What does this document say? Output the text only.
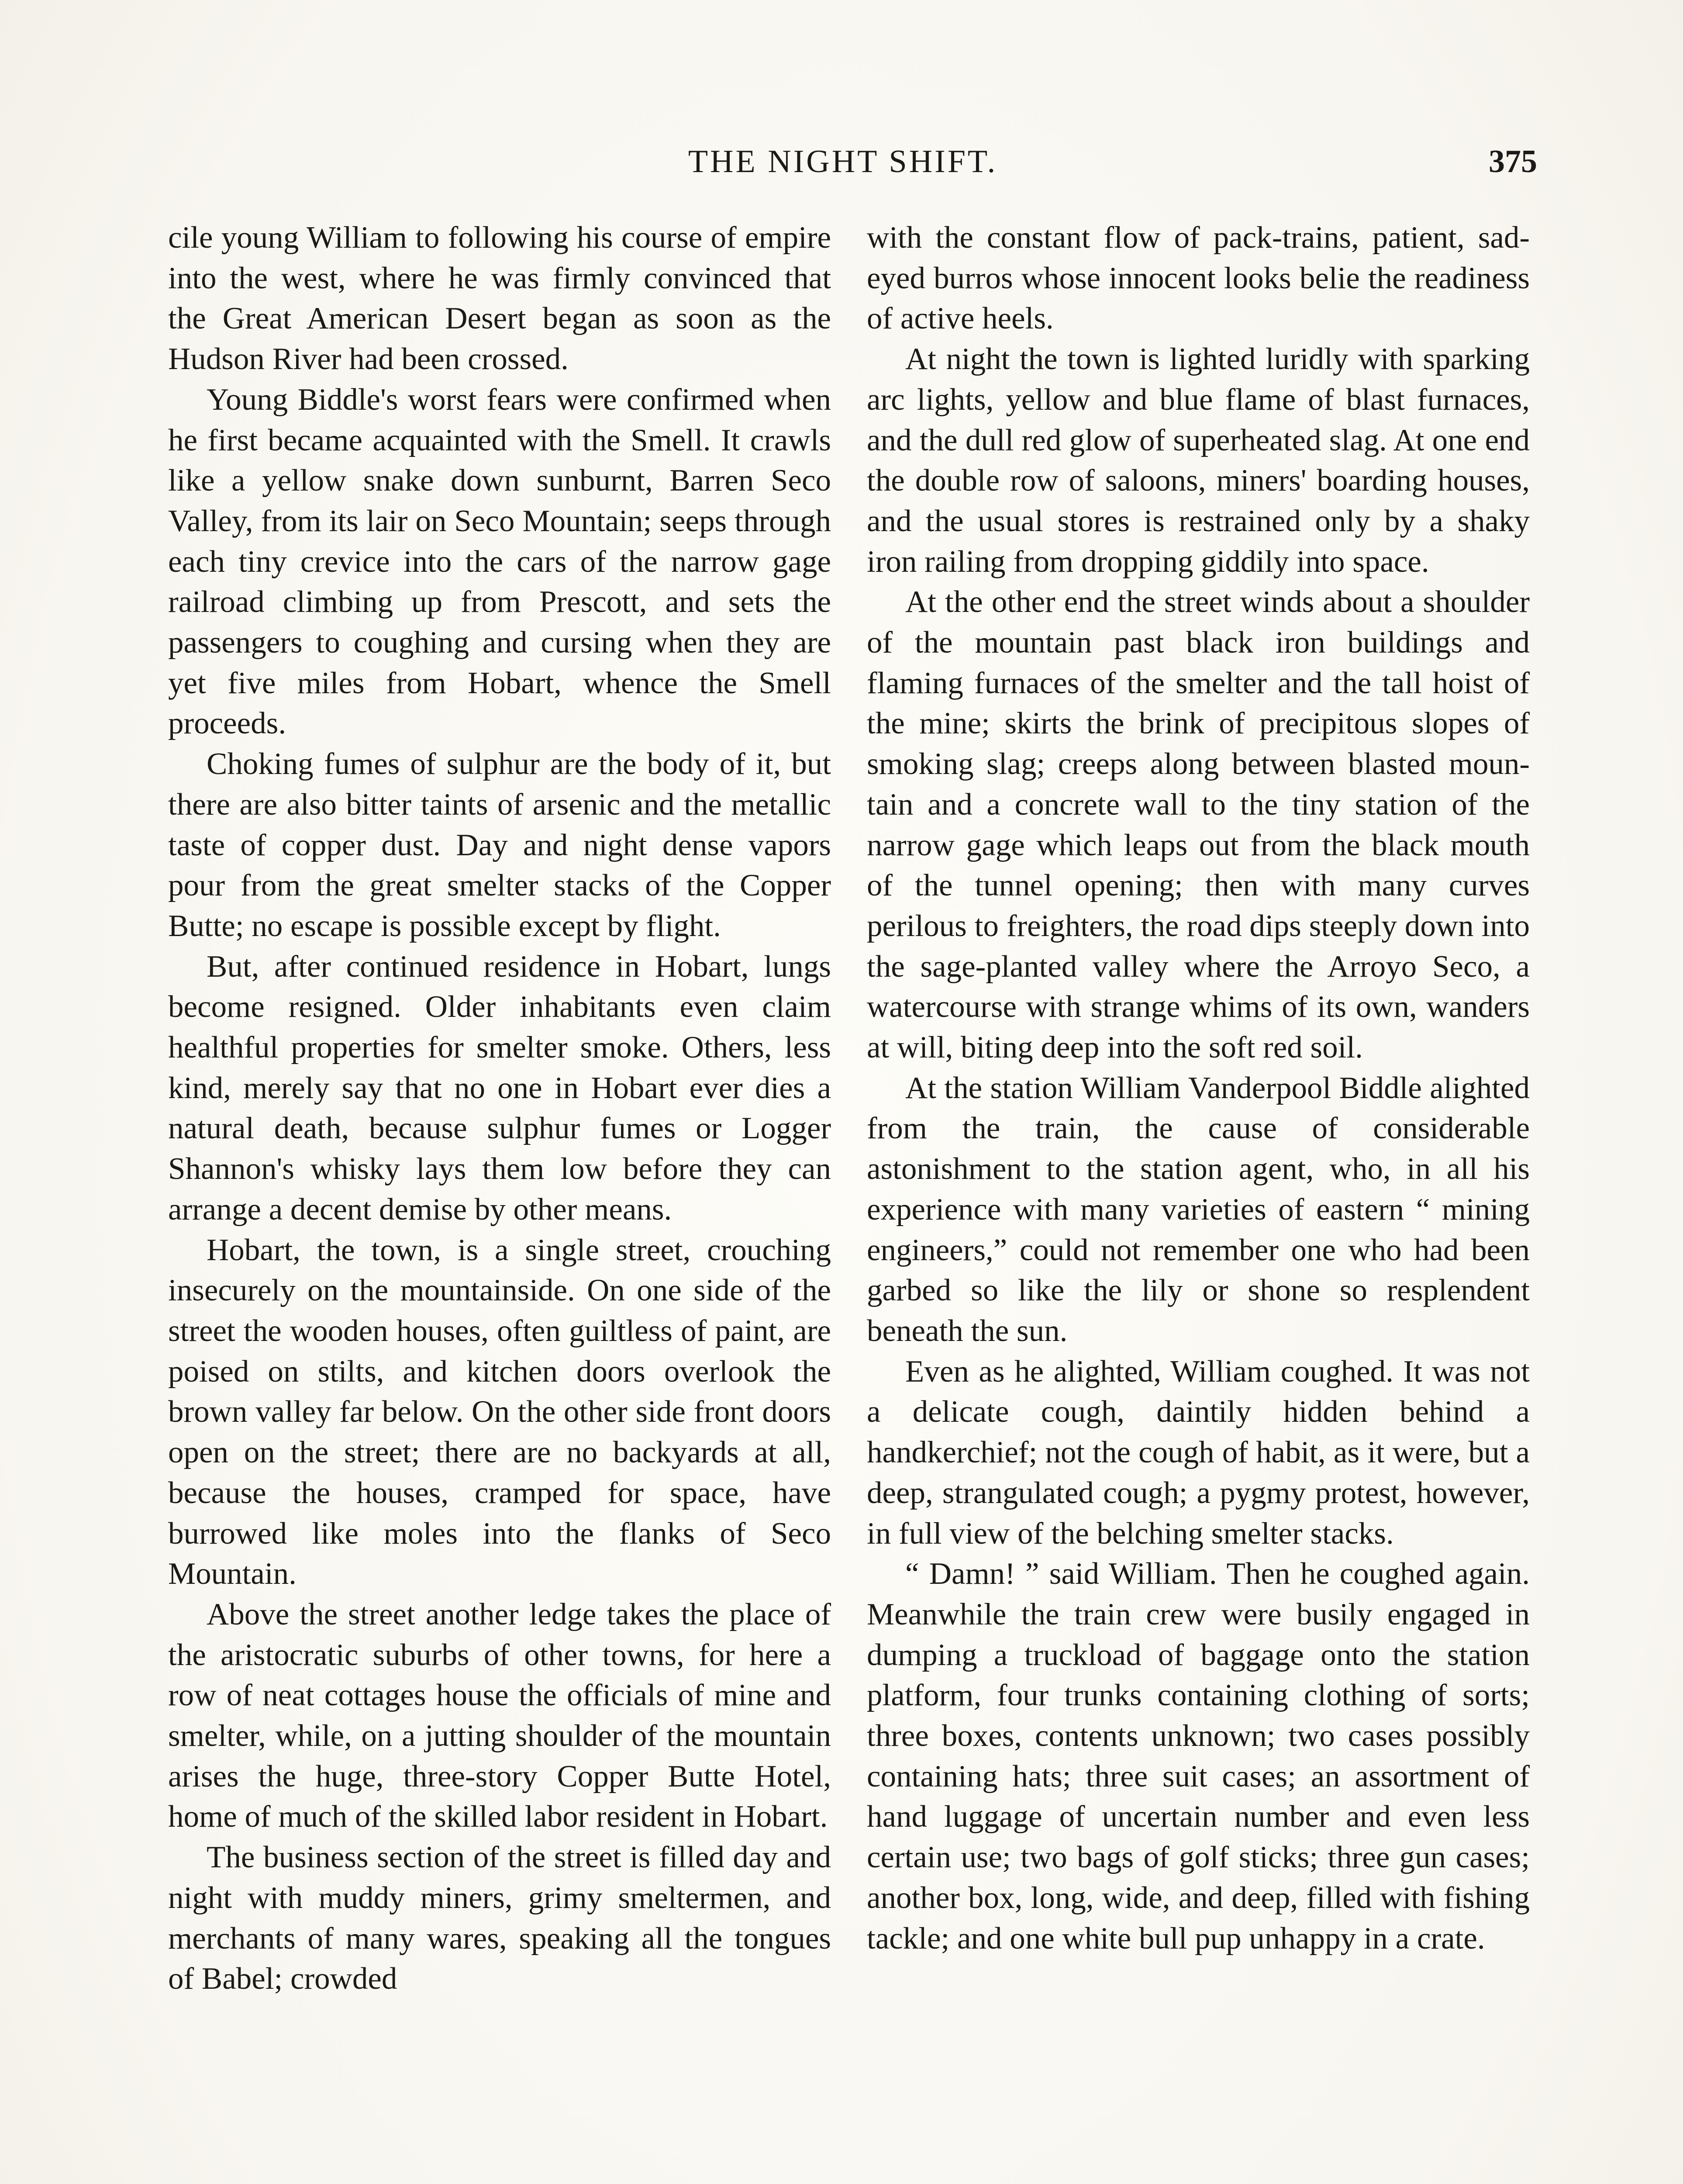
THE NIGHT SHIFT.	375

cile young William to following his course of empire into the west, where he was firmly convinced that the Great American Desert began as soon as the Hudson River had been crossed.

Young Biddle's worst fears were confirmed when he first became acquainted with the Smell. It crawls like a yellow snake down sunburnt, Barren Seco Valley, from its lair on Seco Mountain; seeps through each tiny crevice into the cars of the narrow gage railroad climbing up from Prescott, and sets the passengers to coughing and cursing when they are yet five miles from Hobart, whence the Smell proceeds.

Choking fumes of sulphur are the body of it, but there are also bitter taints of arsenic and the metallic taste of copper dust. Day and night dense vapors pour from the great smelter stacks of the Copper Butte; no escape is possible except by flight.

But, after continued residence in Hobart, lungs become resigned. Older inhabitants even claim healthful properties for smelter smoke. Others, less kind, merely say that no one in Hobart ever dies a natural death, because sulphur fumes or Logger Shannon's whisky lays them low before they can arrange a decent demise by other means.

Hobart, the town, is a single street, crouching insecurely on the mountainside. On one side of the street the wooden houses, often guiltless of paint, are poised on stilts, and kitchen doors overlook the brown valley far below. On the other side front doors open on the street; there are no backyards at all, because the houses, cramped for space, have burrowed like moles into the flanks of Seco Mountain.

Above the street another ledge takes the place of the aristocratic suburbs of other towns, for here a row of neat cottages house the officials of mine and smelter, while, on a jutting shoulder of the mountain arises the huge, three-story Copper Butte Hotel, home of much of the skilled labor resident in Hobart.

The business section of the street is filled day and night with muddy miners, grimy smeltermen, and merchants of many wares, speaking all the tongues of Babel; crowded

with the constant flow of pack-trains, patient, sad-eyed burros whose innocent looks belie the readiness of active heels.

At night the town is lighted luridly with sparking arc lights, yellow and blue flame of blast furnaces, and the dull red glow of superheated slag. At one end the double row of saloons, miners' boarding houses, and the usual stores is restrained only by a shaky iron railing from dropping giddily into space.

At the other end the street winds about a shoulder of the mountain past black iron buildings and flaming furnaces of the smelter and the tall hoist of the mine; skirts the brink of precipitous slopes of smoking slag; creeps along between blasted mountain and a concrete wall to the tiny station of the narrow gage which leaps out from the black mouth of the tunnel opening; then with many curves perilous to freighters, the road dips steeply down into the sage-planted valley where the Arroyo Seco, a watercourse with strange whims of its own, wanders at will, biting deep into the soft red soil.

At the station William Vanderpool Biddle alighted from the train, the cause of considerable astonishment to the station agent, who, in all his experience with many varieties of eastern “ mining engineers,” could not remember one who had been garbed so like the lily or shone so resplendent beneath the sun.

Even as he alighted, William coughed. It was not a delicate cough, daintily hidden behind a handkerchief; not the cough of habit, as it were, but a deep, strangulated cough; a pygmy protest, however, in full view of the belching smelter stacks.

“ Damn! ” said William. Then he coughed again. Meanwhile the train crew were busily engaged in dumping a truckload of baggage onto the station platform, four trunks containing clothing of sorts; three boxes, contents unknown; two cases possibly containing hats; three suit cases; an assortment of hand luggage of uncertain number and even less certain use; two bags of golf sticks; three gun cases; another box, long, wide, and deep, filled with fishing tackle; and one white bull pup unhappy in a crate.
